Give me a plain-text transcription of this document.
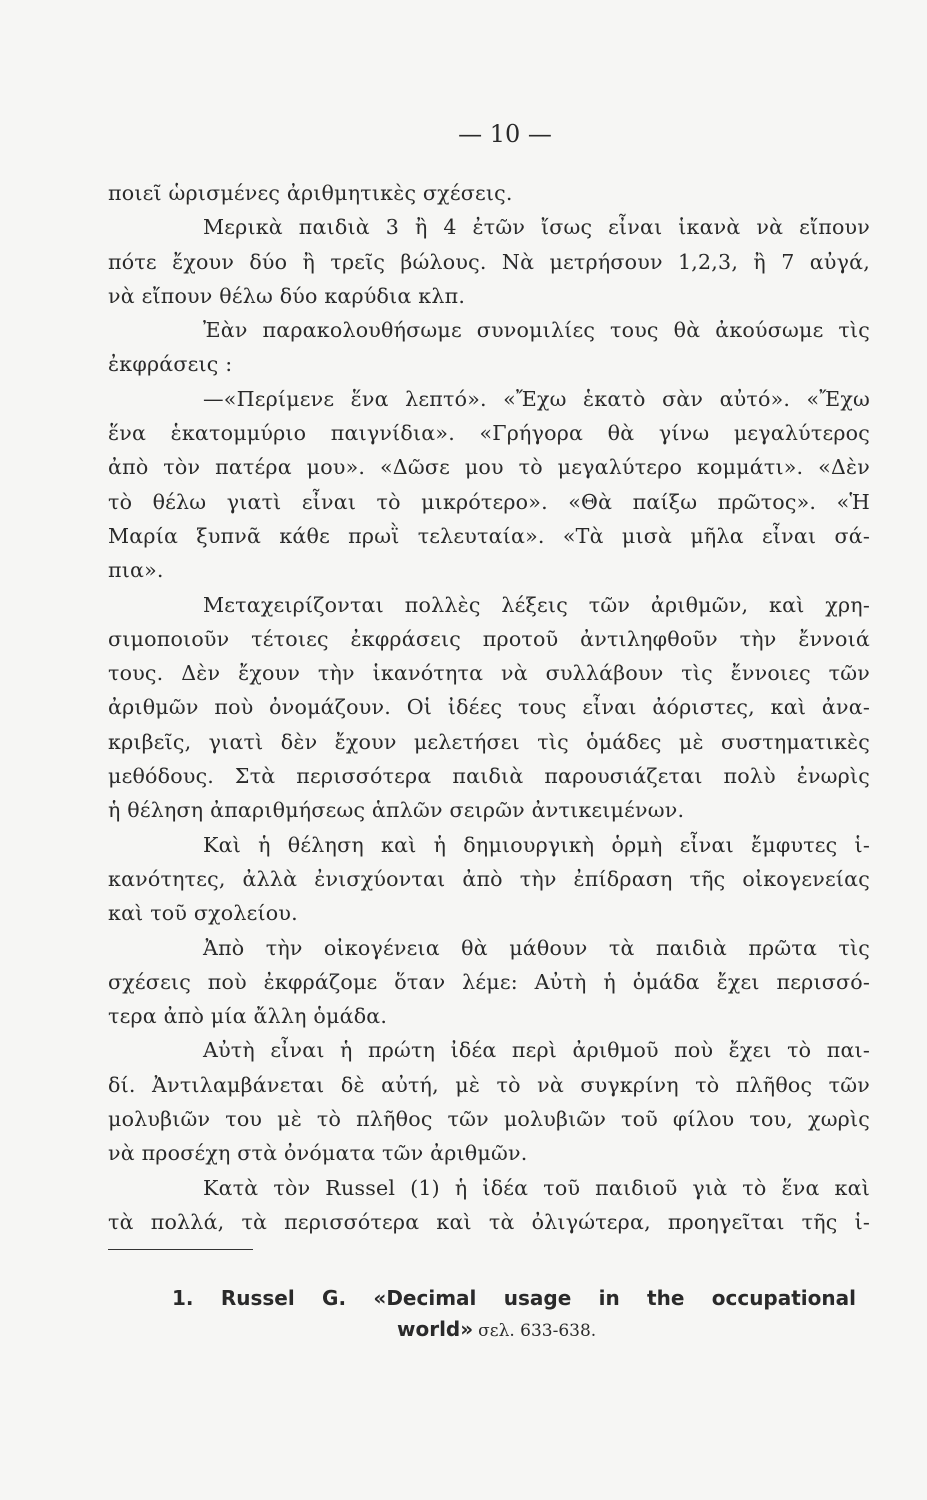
— 10 —
ποιεῖ ὡρισμένες ἀριθμητικὲς σχέσεις.
Μερικὰ παιδιὰ 3 ἢ 4 ἐτῶν ἴσως εἶναι ἱκανὰ νὰ εἴπουν
πότε ἔχουν δύο ἢ τρεῖς βώλους. Νὰ μετρήσουν 1,2,3, ἢ 7 αὐγά,
νὰ εἴπουν θέλω δύο καρύδια κλπ.
Ἐὰν παρακολουθήσωμε συνομιλίες τους θὰ ἀκούσωμε τὶς
ἐκφράσεις :
—«Περίμενε ἕνα λεπτό». «Ἔχω ἑκατὸ σὰν αὐτό». «Ἔχω
ἕνα ἑκατομμύριο παιγνίδια». «Γρήγορα θὰ γίνω μεγαλύτερος
ἀπὸ τὸν πατέρα μου». «Δῶσε μου τὸ μεγαλύτερο κομμάτι». «Δὲν
τὸ θέλω γιατὶ εἶναι τὸ μικρότερο». «Θὰ παίξω πρῶτος». «Ἡ
Μαρία ξυπνᾶ κάθε πρωῒ τελευταία». «Τὰ μισὰ μῆλα εἶναι σά-
πια».
Μεταχειρίζονται πολλὲς λέξεις τῶν ἀριθμῶν, καὶ χρη-
σιμοποιοῦν τέτοιες ἐκφράσεις προτοῦ ἀντιληφθοῦν τὴν ἔννοιά
τους. Δὲν ἔχουν τὴν ἱκανότητα νὰ συλλάβουν τὶς ἔννοιες τῶν
ἀριθμῶν ποὺ ὀνομάζουν. Οἱ ἰδέες τους εἶναι ἀόριστες, καὶ ἀνα-
κριβεῖς, γιατὶ δὲν ἔχουν μελετήσει τὶς ὁμάδες μὲ συστηματικὲς
μεθόδους. Στὰ περισσότερα παιδιὰ παρουσιάζεται πολὺ ἐνωρὶς
ἡ θέληση ἀπαριθμήσεως ἁπλῶν σειρῶν ἀντικειμένων.
Καὶ ἡ θέληση καὶ ἡ δημιουργικὴ ὁρμὴ εἶναι ἔμφυτες ἱ-
κανότητες, ἀλλὰ ἐνισχύονται ἀπὸ τὴν ἐπίδραση τῆς οἰκογενείας
καὶ τοῦ σχολείου.
Ἀπὸ τὴν οἰκογένεια θὰ μάθουν τὰ παιδιὰ πρῶτα τὶς
σχέσεις ποὺ ἐκφράζομε ὅταν λέμε: Αὐτὴ ἡ ὁμάδα ἔχει περισσό-
τερα ἀπὸ μία ἄλλη ὁμάδα.
Αὐτὴ εἶναι ἡ πρώτη ἰδέα περὶ ἀριθμοῦ ποὺ ἔχει τὸ παι-
δί. Ἀντιλαμβάνεται δὲ αὐτή, μὲ τὸ νὰ συγκρίνη τὸ πλῆθος τῶν
μολυβιῶν του μὲ τὸ πλῆθος τῶν μολυβιῶν τοῦ φίλου του, χωρὶς
νὰ προσέχη στὰ ὀνόματα τῶν ἀριθμῶν.
Κατὰ τὸν Russel (1) ἡ ἰδέα τοῦ παιδιοῦ γιὰ τὸ ἕνα καὶ
τὰ πολλά, τὰ περισσότερα καὶ τὰ ὀλιγώτερα, προηγεῖται τῆς ἱ-
1. Russel G. «Decimal usage in the occupational
world» σελ. 633-638.
